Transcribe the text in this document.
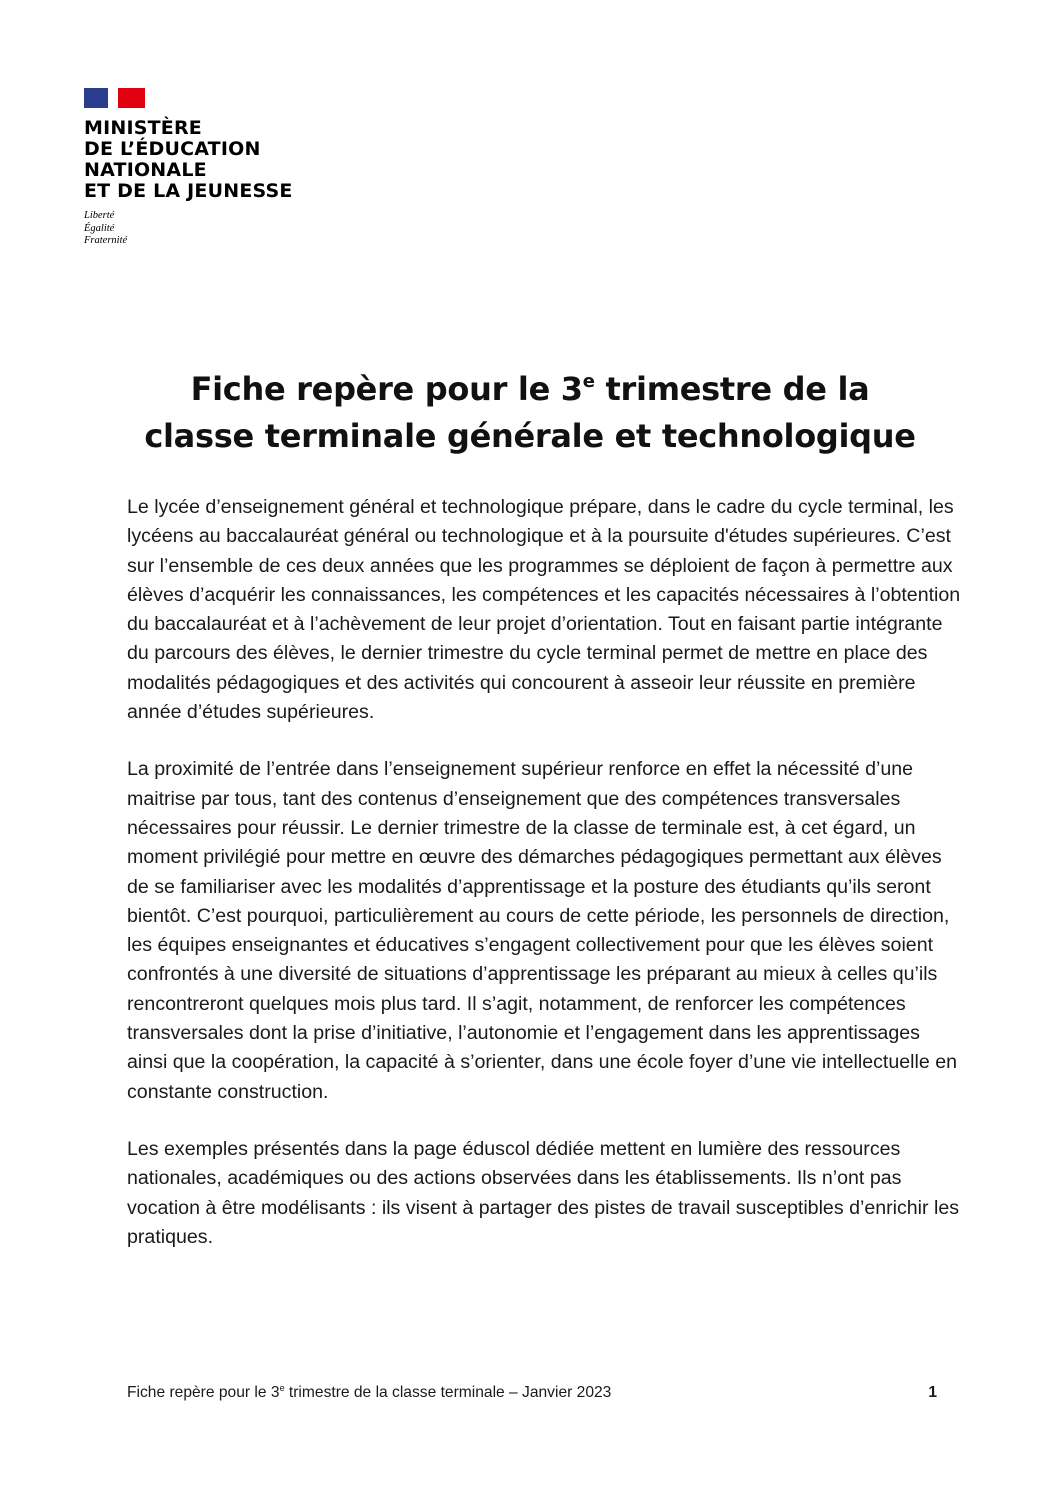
MINISTÈRE
DE L’ÉDUCATION
NATIONALE
ET DE LA JEUNESSE
Liberté
Égalité
Fraternité
Fiche repère pour le 3e trimestre de la
classe terminale générale et technologique

Le lycée d’enseignement général et technologique prépare, dans le cadre du cycle terminal, les lycéens au baccalauréat général ou technologique et à la poursuite d'études supérieures. C’est sur l’ensemble de ces deux années que les programmes se déploient de façon à permettre aux élèves d’acquérir les connaissances, les compétences et les capacités nécessaires à l’obtention du baccalauréat et à l’achèvement de leur projet d’orientation. Tout en faisant partie intégrante du parcours des élèves, le dernier trimestre du cycle terminal permet de mettre en place des modalités pédagogiques et des activités qui concourent à asseoir leur réussite en première année d’études supérieures.

La proximité de l’entrée dans l’enseignement supérieur renforce en effet la nécessité d’une maitrise par tous, tant des contenus d’enseignement que des compétences transversales nécessaires pour réussir. Le dernier trimestre de la classe de terminale est, à cet égard, un moment privilégié pour mettre en œuvre des démarches pédagogiques permettant aux élèves de se familiariser avec les modalités d’apprentissage et la posture des étudiants qu’ils seront bientôt. C’est pourquoi, particulièrement au cours de cette période, les personnels de direction, les équipes enseignantes et éducatives s’engagent collectivement pour que les élèves soient confrontés à une diversité de situations d’apprentissage les préparant au mieux à celles qu’ils rencontreront quelques mois plus tard. Il s’agit, notamment, de renforcer les compétences transversales dont la prise d’initiative, l’autonomie et l’engagement dans les apprentissages ainsi que la coopération, la capacité à s’orienter, dans une école foyer d’une vie intellectuelle en constante construction.

Les exemples présentés dans la page éduscol dédiée mettent en lumière des ressources nationales, académiques ou des actions observées dans les établissements. Ils n’ont pas vocation à être modélisants : ils visent à partager des pistes de travail susceptibles d’enrichir les pratiques.

Fiche repère pour le 3e trimestre de la classe terminale – Janvier 2023	1
